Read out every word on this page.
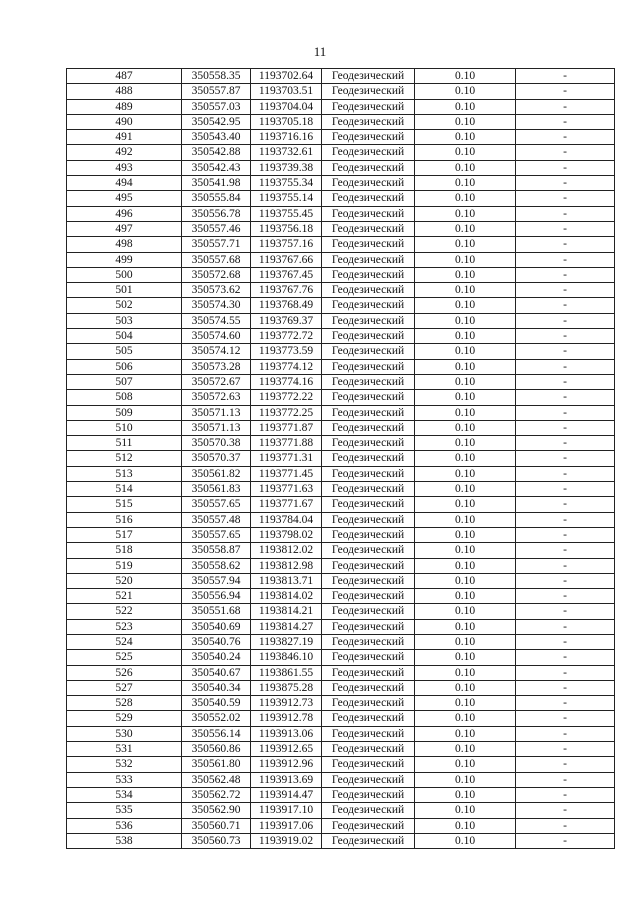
11
487	350558.35	1193702.64	Геодезический	0.10	-
488	350557.87	1193703.51	Геодезический	0.10	-
489	350557.03	1193704.04	Геодезический	0.10	-
490	350542.95	1193705.18	Геодезический	0.10	-
491	350543.40	1193716.16	Геодезический	0.10	-
492	350542.88	1193732.61	Геодезический	0.10	-
493	350542.43	1193739.38	Геодезический	0.10	-
494	350541.98	1193755.34	Геодезический	0.10	-
495	350555.84	1193755.14	Геодезический	0.10	-
496	350556.78	1193755.45	Геодезический	0.10	-
497	350557.46	1193756.18	Геодезический	0.10	-
498	350557.71	1193757.16	Геодезический	0.10	-
499	350557.68	1193767.66	Геодезический	0.10	-
500	350572.68	1193767.45	Геодезический	0.10	-
501	350573.62	1193767.76	Геодезический	0.10	-
502	350574.30	1193768.49	Геодезический	0.10	-
503	350574.55	1193769.37	Геодезический	0.10	-
504	350574.60	1193772.72	Геодезический	0.10	-
505	350574.12	1193773.59	Геодезический	0.10	-
506	350573.28	1193774.12	Геодезический	0.10	-
507	350572.67	1193774.16	Геодезический	0.10	-
508	350572.63	1193772.22	Геодезический	0.10	-
509	350571.13	1193772.25	Геодезический	0.10	-
510	350571.13	1193771.87	Геодезический	0.10	-
511	350570.38	1193771.88	Геодезический	0.10	-
512	350570.37	1193771.31	Геодезический	0.10	-
513	350561.82	1193771.45	Геодезический	0.10	-
514	350561.83	1193771.63	Геодезический	0.10	-
515	350557.65	1193771.67	Геодезический	0.10	-
516	350557.48	1193784.04	Геодезический	0.10	-
517	350557.65	1193798.02	Геодезический	0.10	-
518	350558.87	1193812.02	Геодезический	0.10	-
519	350558.62	1193812.98	Геодезический	0.10	-
520	350557.94	1193813.71	Геодезический	0.10	-
521	350556.94	1193814.02	Геодезический	0.10	-
522	350551.68	1193814.21	Геодезический	0.10	-
523	350540.69	1193814.27	Геодезический	0.10	-
524	350540.76	1193827.19	Геодезический	0.10	-
525	350540.24	1193846.10	Геодезический	0.10	-
526	350540.67	1193861.55	Геодезический	0.10	-
527	350540.34	1193875.28	Геодезический	0.10	-
528	350540.59	1193912.73	Геодезический	0.10	-
529	350552.02	1193912.78	Геодезический	0.10	-
530	350556.14	1193913.06	Геодезический	0.10	-
531	350560.86	1193912.65	Геодезический	0.10	-
532	350561.80	1193912.96	Геодезический	0.10	-
533	350562.48	1193913.69	Геодезический	0.10	-
534	350562.72	1193914.47	Геодезический	0.10	-
535	350562.90	1193917.10	Геодезический	0.10	-
536	350560.71	1193917.06	Геодезический	0.10	-
538	350560.73	1193919.02	Геодезический	0.10	-
